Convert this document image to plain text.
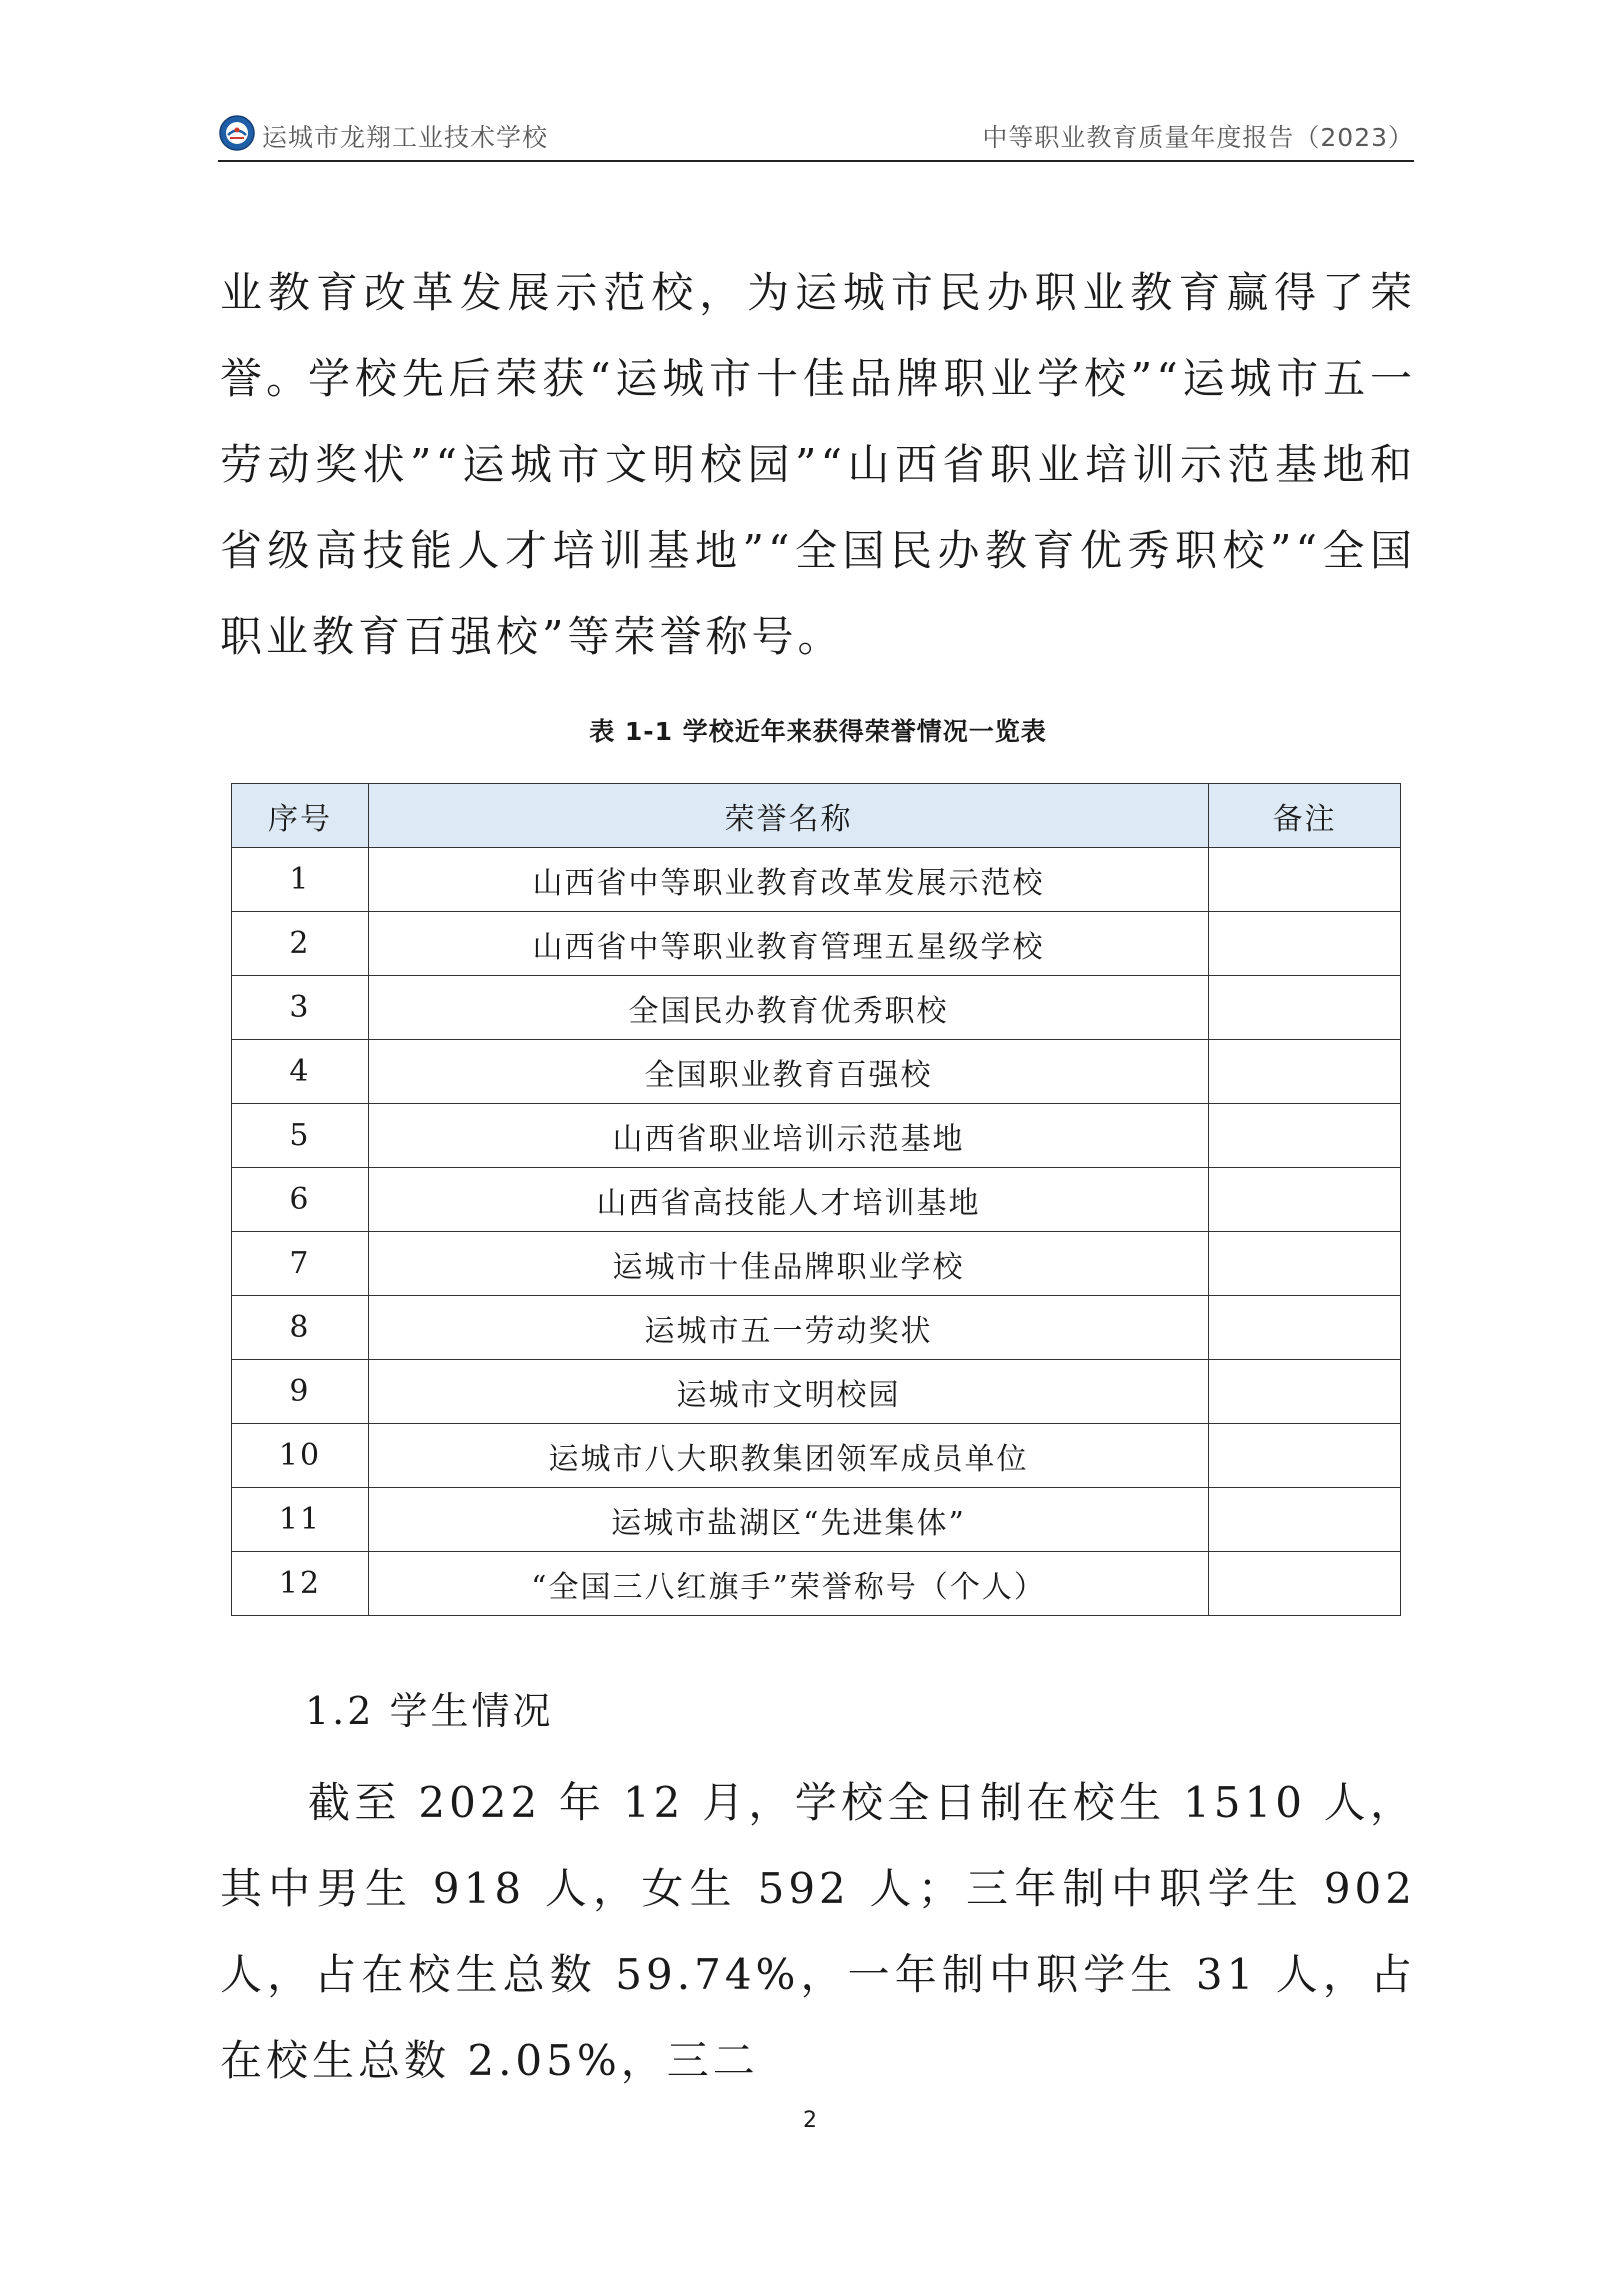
运城市龙翔工业技术学校	中等职业教育质量年度报告（2023）

业教育改革发展示范校，为运城市民办职业教育赢得了荣誉。

学校先后荣获“运城市十佳品牌职业学校”“运城市五一劳动奖状”“运城市文明校园”“山西省职业培训示范基地和省级高技能人才培训基地”“全国民办教育优秀职校”“全国职业教育百强校”等荣誉称号。

表 1-1 学校近年来获得荣誉情况一览表
序号	荣誉名称	备注
1	山西省中等职业教育改革发展示范校	
2	山西省中等职业教育管理五星级学校	
3	全国民办教育优秀职校	
4	全国职业教育百强校	
5	山西省职业培训示范基地	
6	山西省高技能人才培训基地	
7	运城市十佳品牌职业学校	
8	运城市五一劳动奖状	
9	运城市文明校园	
10	运城市八大职教集团领军成员单位	
11	运城市盐湖区“先进集体”	
12	“全国三八红旗手”荣誉称号（个人）	
1.2 学生情况

截至 2022 年 12 月，学校全日制在校生 1510 人，其中男生 918 人，女生 592 人；三年制中职学生 902 人，占在校生总数 59.74%，一年制中职学生 31 人，占在校生总数 2.05%，三二

2
